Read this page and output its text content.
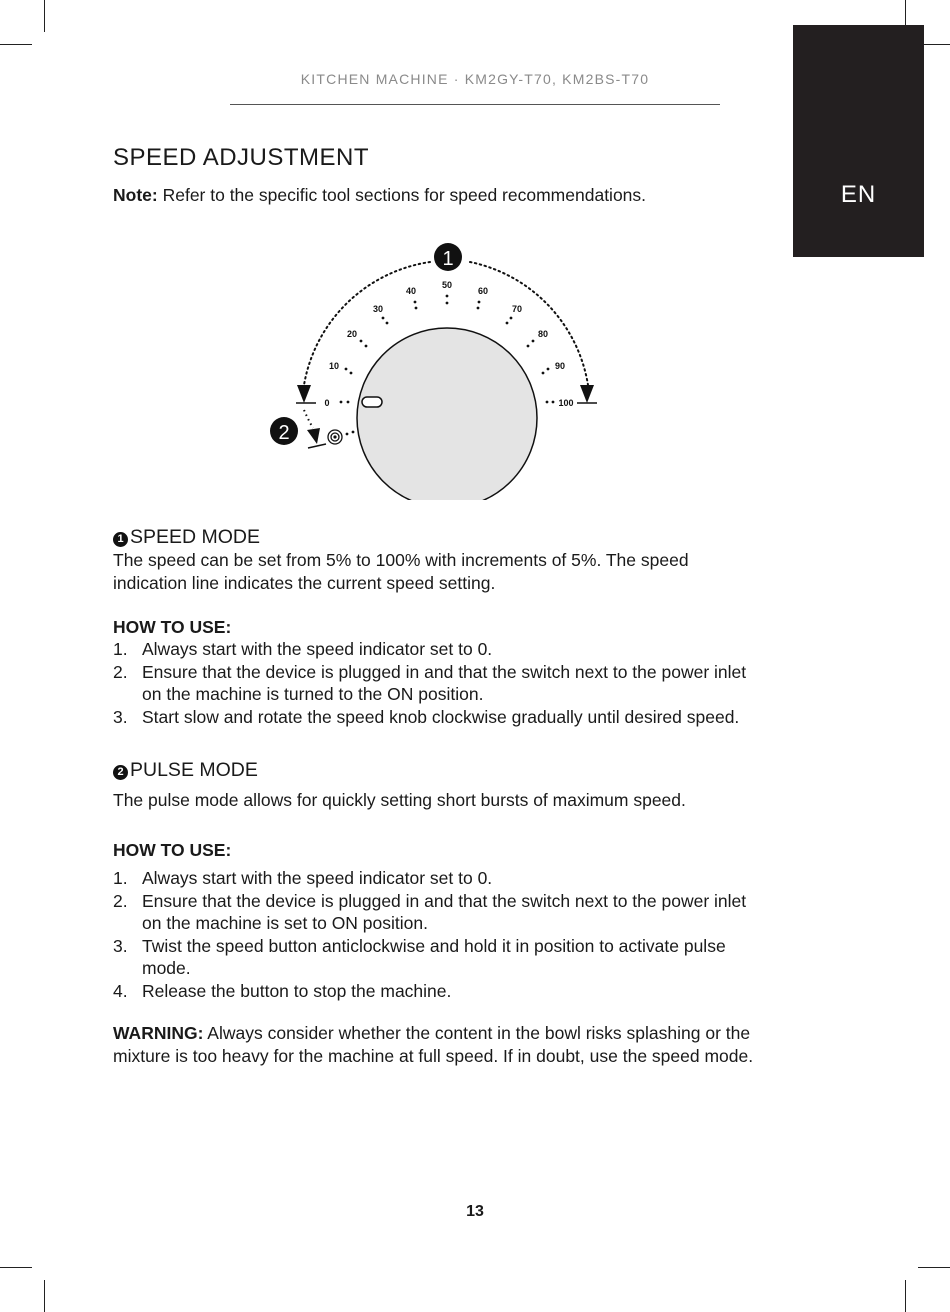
KITCHEN MACHINE · KM2GY-T70, KM2BS-T70
EN
SPEED ADJUSTMENT
Note: Refer to the specific tool sections for speed recommendations.
0
10
20
30
40
50
60
70
80
90
100
1
2
1 SPEED MODE
The speed can be set from 5% to 100% with increments of 5%. The speed indication line indicates the current speed setting.
HOW TO USE:
1. Always start with the speed indicator set to 0.
2. Ensure that the device is plugged in and that the switch next to the power inlet on the machine is turned to the ON position.
3. Start slow and rotate the speed knob clockwise gradually until desired speed.
2 PULSE MODE
The pulse mode allows for quickly setting short bursts of maximum speed.
HOW TO USE:
1. Always start with the speed indicator set to 0.
2. Ensure that the device is plugged in and that the switch next to the power inlet on the machine is set to ON position.
3. Twist the speed button anticlockwise and hold it in position to activate pulse mode.
4. Release the button to stop the machine.
WARNING: Always consider whether the content in the bowl risks splashing or the mixture is too heavy for the machine at full speed. If in doubt, use the speed mode.
13
